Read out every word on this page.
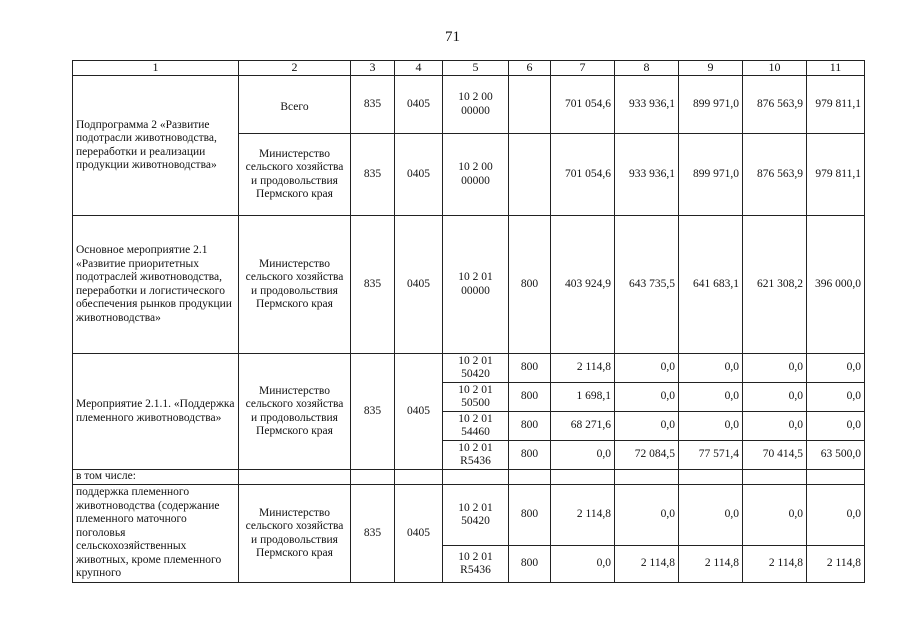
71
1	2	3	4	5	6	7	8	9	10	11
Подпрограмма 2 «Развитие подотрасли животноводства, переработки и реализации продукции животноводства»	Всего	835	0405	10 2 00 00000		701 054,6	933 936,1	899 971,0	876 563,9	979 811,1
	Министерство сельского хозяйства и продовольствия Пермского края	835	0405	10 2 00 00000		701 054,6	933 936,1	899 971,0	876 563,9	979 811,1
Основное мероприятие 2.1 «Развитие приоритетных подотраслей животноводства, переработки и логистического обеспечения рынков продукции животноводства»	Министерство сельского хозяйства и продовольствия Пермского края	835	0405	10 2 01 00000	800	403 924,9	643 735,5	641 683,1	621 308,2	396 000,0
Мероприятие 2.1.1. «Поддержка племенного животноводства»	Министерство сельского хозяйства и продовольствия Пермского края	835	0405	10 2 01 50420	800	2 114,8	0,0	0,0	0,0	0,0
				10 2 01 50500	800	1 698,1	0,0	0,0	0,0	0,0
				10 2 01 54460	800	68 271,6	0,0	0,0	0,0	0,0
				10 2 01 R5436	800	0,0	72 084,5	77 571,4	70 414,5	63 500,0
в том числе:										
поддержка племенного животноводства (содержание племенного маточного поголовья сельскохозяйственных животных, кроме племенного крупного	Министерство сельского хозяйства и продовольствия Пермского края	835	0405	10 2 01 50420	800	2 114,8	0,0	0,0	0,0	0,0
				10 2 01 R5436	800	0,0	2 114,8	2 114,8	2 114,8	2 114,8
